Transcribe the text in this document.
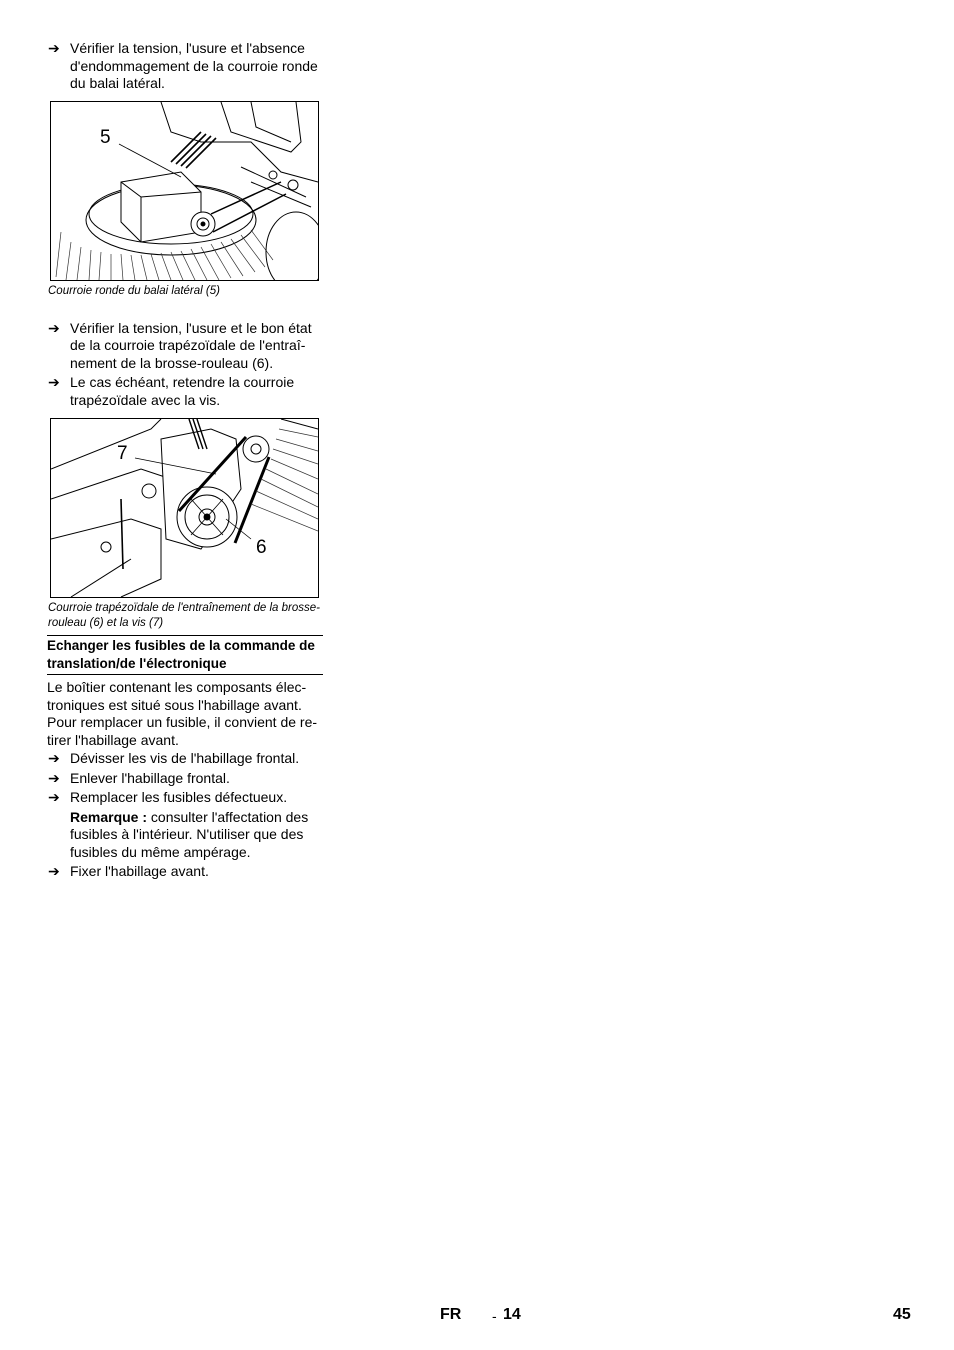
➔ Vérifier la tension, l'usure et l'absence d'endommagement de la courroie ronde du balai latéral.
5
Courroie ronde du balai latéral (5)
➔ Vérifier la tension, l'usure et le bon état de la courroie trapézoïdale de l'entraî-nement de la brosse-rouleau (6).
➔ Le cas échéant, retendre la courroie trapézoïdale avec la vis.
7
6
Courroie trapézoïdale de l'entraînement de la brosse-rouleau (6) et la vis (7)
Echanger les fusibles de la commande de translation/de l'électronique
Le boîtier contenant les composants élec-troniques est situé sous l'habillage avant. Pour remplacer un fusible, il convient de re-tirer l'habillage avant.
➔ Dévisser les vis de l'habillage frontal.
➔ Enlever l'habillage frontal.
➔ Remplacer les fusibles défectueux.
Remarque : consulter l'affectation des fusibles à l'intérieur. N'utiliser que des fusibles du même ampérage.
➔ Fixer l'habillage avant.
FR - 14	45
